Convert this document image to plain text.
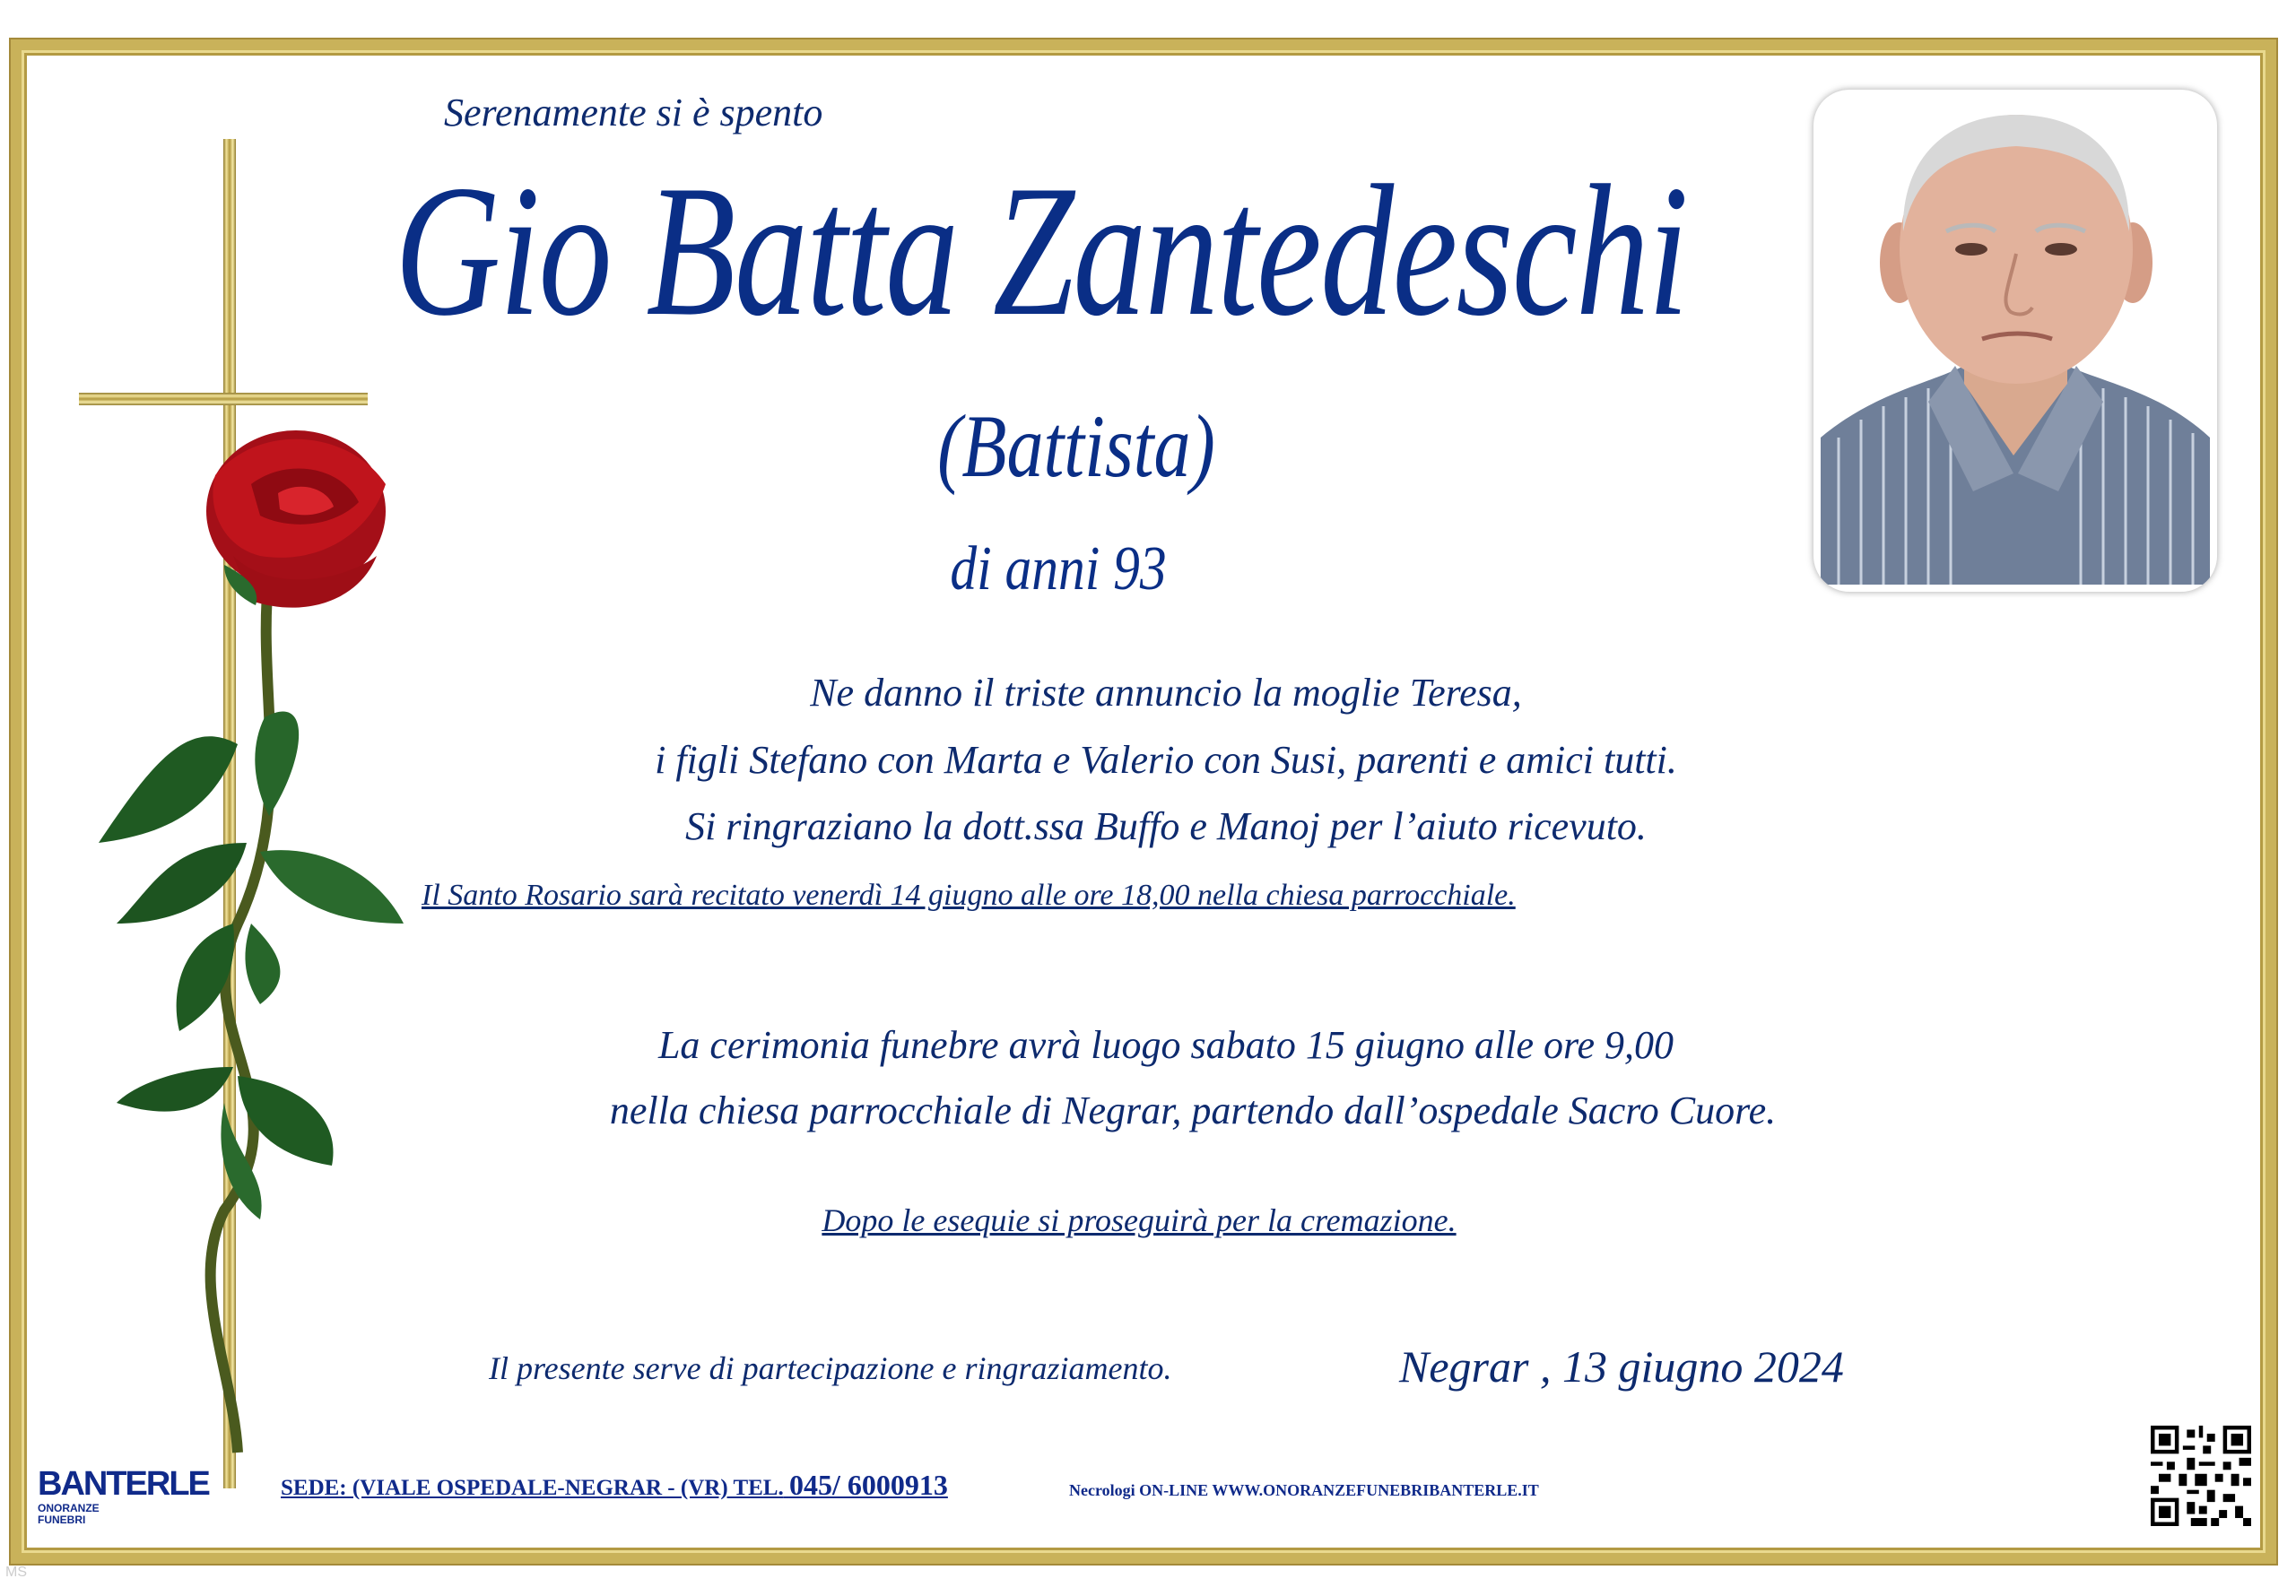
Serenamente si è spento
Gio Batta Zantedeschi
(Battista)
di anni 93
Ne danno il triste annuncio la moglie Teresa,
i figli Stefano con Marta e Valerio con Susi, parenti e amici tutti.
Si ringraziano la dott.ssa Buffo e Manoj per l’aiuto ricevuto.
Il Santo Rosario sarà recitato venerdì 14 giugno alle ore 18,00 nella chiesa parrocchiale.
La cerimonia funebre avrà luogo sabato 15 giugno alle ore 9,00
nella chiesa parrocchiale di Negrar, partendo dall’ospedale Sacro Cuore.
Dopo le esequie si proseguirà per la cremazione.
Il presente serve di partecipazione e ringraziamento.	Negrar , 13 giugno 2024
BANTERLE
ONORANZE FUNEBRI
SEDE: (VIALE OSPEDALE-NEGRAR - (VR) TEL. 045/ 6000913	Necrologi ON-LINE WWW.ONORANZEFUNEBRIBANTERLE.IT
MS
